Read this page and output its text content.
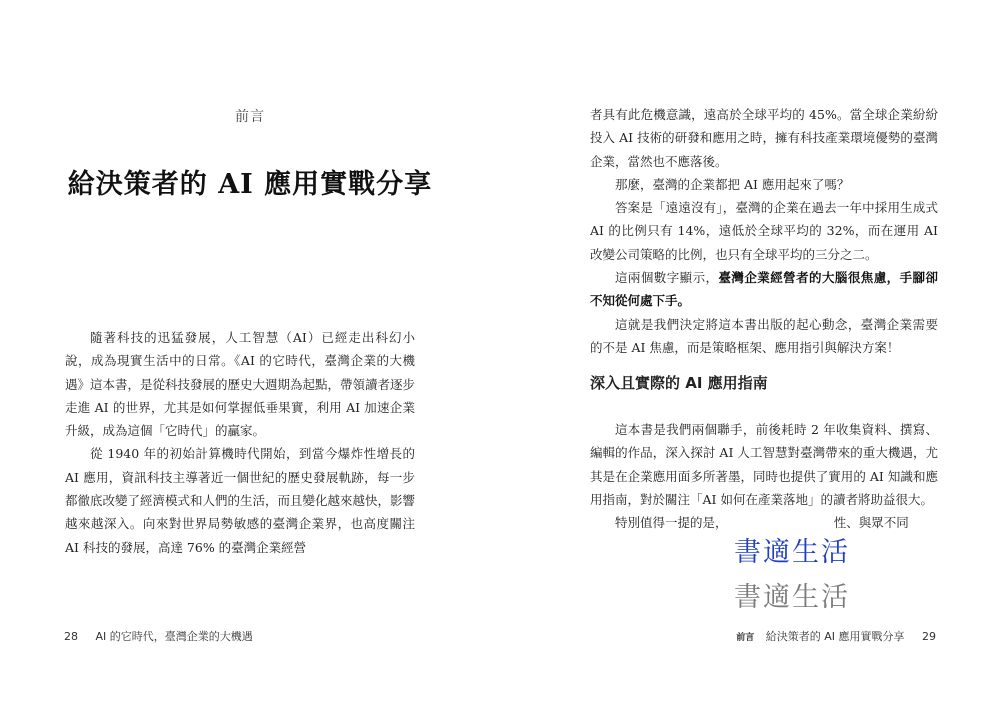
前言
給決策者的 AI 應用實戰分享

隨著科技的迅猛發展，人工智慧（AI）已經走出科幻小說，成為現實生活中的日常。《AI 的它時代，臺灣企業的大機遇》這本書，是從科技發展的歷史大週期為起點，帶領讀者逐步走進 AI 的世界，尤其是如何掌握低垂果實，利用 AI 加速企業升級，成為這個「它時代」的贏家。

從 1940 年的初始計算機時代開始，到當今爆炸性增長的 AI 應用，資訊科技主導著近一個世紀的歷史發展軌跡，每一步都徹底改變了經濟模式和人們的生活，而且變化越來越快，影響越來越深入。向來對世界局勢敏感的臺灣企業界，也高度關注 AI 科技的發展，高達 76% 的臺灣企業經營

28 AI 的它時代，臺灣企業的大機遇

者具有此危機意識，遠高於全球平均的 45%。當全球企業紛紛投入 AI 技術的研發和應用之時，擁有科技產業環境優勢的臺灣企業，當然也不應落後。

那麼，臺灣的企業都把 AI 應用起來了嗎？

答案是「遠遠沒有」，臺灣的企業在過去一年中採用生成式 AI 的比例只有 14%，遠低於全球平均的 32%，而在運用 AI 改變公司策略的比例，也只有全球平均的三分之二。

這兩個數字顯示，臺灣企業經營者的大腦很焦慮，手腳卻不知從何處下手。

這就是我們決定將這本書出版的起心動念，臺灣企業需要的不是 AI 焦慮，而是策略框架、應用指引與解決方案！

深入且實際的 AI 應用指南

這本書是我們兩個聯手，前後耗時 2 年收集資料、撰寫、編輯的作品，深入探討 AI 人工智慧對臺灣帶來的重大機遇，尤其是在企業應用面多所著墨，同時也提供了實用的 AI 知識和應用指南，對於關注「AI 如何在產業落地」的讀者將助益很大。

特別值得一提的是，　　　　　　　　　性、與眾不同

前言 給決策者的 AI 應用實戰分享 29
書適生活
書適生活
